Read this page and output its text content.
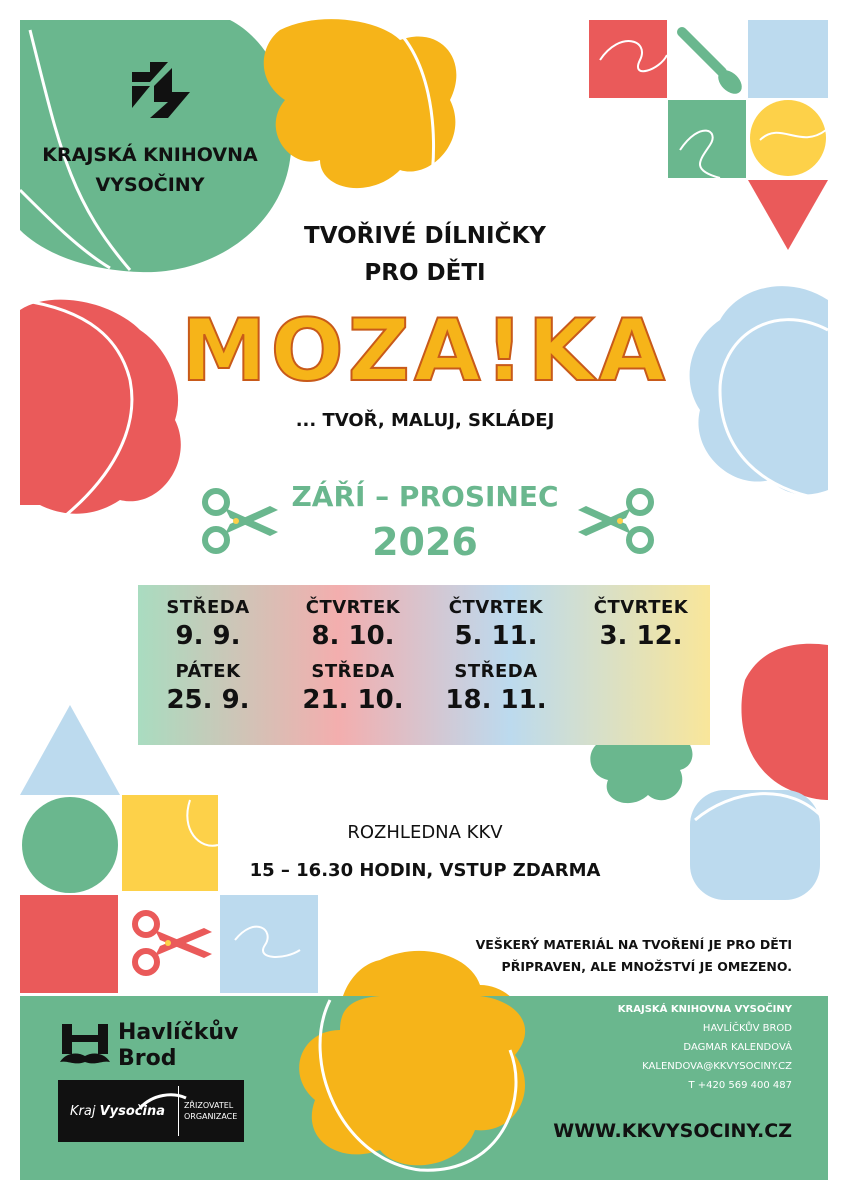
KRAJSKÁ KNIHOVNA
VYSOČINY
TVOŘIVÉ DÍLNIČKY
PRO DĚTI
MOZA!KA
... TVOŘ, MALUJ, SKLÁDEJ
ZÁŘÍ – PROSINEC
2026
STŘEDA
9. 9.
PÁTEK
25. 9.
ČTVRTEK
8. 10.
STŘEDA
21. 10.
ČTVRTEK
5. 11.
STŘEDA
18. 11.
ČTVRTEK
3. 12.
ROZHLEDNA KKV
15 – 16.30 HODIN, VSTUP ZDARMA
VEŠKERÝ MATERIÁL NA TVOŘENÍ JE PRO DĚTI
PŘIPRAVEN, ALE MNOŽSTVÍ JE OMEZENO.
Havlíčkův
Brod
Kraj Vysočina ZŘIZOVATEL
ORGANIZACE
KRAJSKÁ KNIHOVNA VYSOČINY
HAVLÍČKŮV BROD
DAGMAR KALENDOVÁ
KALENDOVA@KKVYSOCINY.CZ
T +420 569 400 487
WWW.KKVYSOCINY.CZ
